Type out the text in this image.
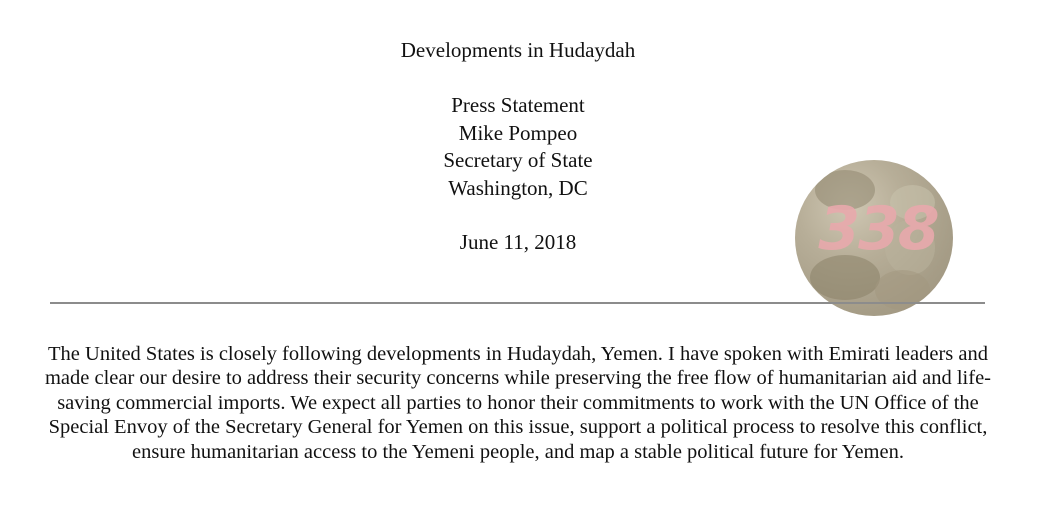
Developments in Hudaydah
Press Statement
Mike Pompeo
Secretary of State
Washington, DC
June 11, 2018	338

The United States is closely following developments in Hudaydah, Yemen. I have spoken with Emirati leaders and made clear our desire to address their security concerns while preserving the free flow of humanitarian aid and life-saving commercial imports. We expect all parties to honor their commitments to work with the UN Office of the Special Envoy of the Secretary General for Yemen on this issue, support a political process to resolve this conflict, ensure humanitarian access to the Yemeni people, and map a stable political future for Yemen.
